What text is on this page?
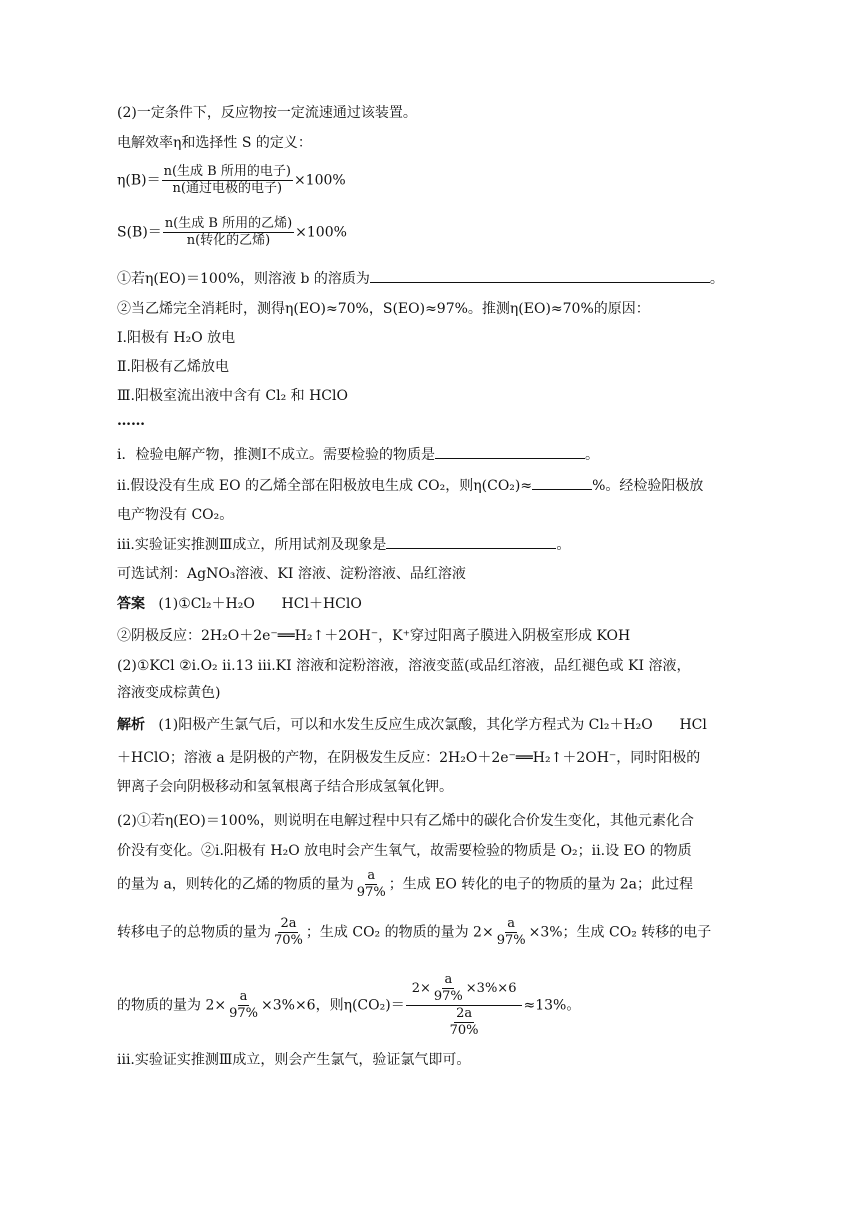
(2)一定条件下，反应物按一定流速通过该装置。
电解效率η和选择性 S 的定义：
$\eta(B)= \frac{\text{n(生成 B 所用的电子)}}{\text{n(通过电极的电子)}} \times 100\%$
$S(B)= \frac{\text{n(生成 B 所用的乙烯)}}{\text{n(转化的乙烯)}} \times 100\%$
①若η(EO)＝100%，则溶液 b 的溶质为	。
②当乙烯完全消耗时，测得η(EO)≈70%，S(EO)≈97%。推测η(EO)≈70%的原因：
Ⅰ.阳极有 H₂O 放电
Ⅱ.阳极有乙烯放电
Ⅲ.阳极室流出液中含有 Cl₂ 和 HClO
……
i．检验电解产物，推测Ⅰ不成立。需要检验的物质是	。
ii.假设没有生成 EO 的乙烯全部在阳极放电生成 CO₂，则η(CO₂)≈	%。经检验阳极放
电产物没有 CO₂。
iii.实验证实推测Ⅲ成立，所用试剂及现象是	。
可选试剂：AgNO₃溶液、KI 溶液、淀粉溶液、品红溶液
答案 (1)①Cl₂＋H₂O      HCl＋HClO
②阴极反应：2H₂O＋2e⁻══H₂↑＋2OH⁻，K⁺穿过阳离子膜进入阴极室形成 KOH
(2)①KCl ②i.O₂ ii.13 iii.KI 溶液和淀粉溶液，溶液变蓝(或品红溶液，品红褪色或 KI 溶液，
溶液变成棕黄色)
解析 (1)阳极产生氯气后，可以和水发生反应生成次氯酸，其化学方程式为 Cl₂＋H₂O      HCl
＋HClO；溶液 a 是阴极的产物，在阴极发生反应：2H₂O＋2e⁻══H₂↑＋2OH⁻，同时阳极的
钾离子会向阴极移动和氢氧根离子结合形成氢氧化钾。
(2)①若η(EO)＝100%，则说明在电解过程中只有乙烯中的碳化合价发生变化，其他元素化合
价没有变化。②i.阳极有 H₂O 放电时会产生氧气，故需要检验的物质是 O₂；ii.设 EO 的物质
的量为 a，则转化的乙烯的物质的量为 $\frac{a}{97\%}$ ；生成 EO 转化的电子的物质的量为 2a；此过程
转移电子的总物质的量为 $\frac{2a}{70\%}$ ；生成 CO₂ 的物质的量为 $2\times \frac{a}{97\%} \times 3\%$；生成 CO₂ 转移的电子
的物质的量为 $2\times \frac{a}{97\%} \times 3\%\times 6$，则$\eta(CO_2)= \frac{2\times \frac{a}{97\%} \times 3\%\times 6}{\frac{2a}{70\%}} \approx 13\%$。
iii.实验证实推测Ⅲ成立，则会产生氯气，验证氯气即可。
